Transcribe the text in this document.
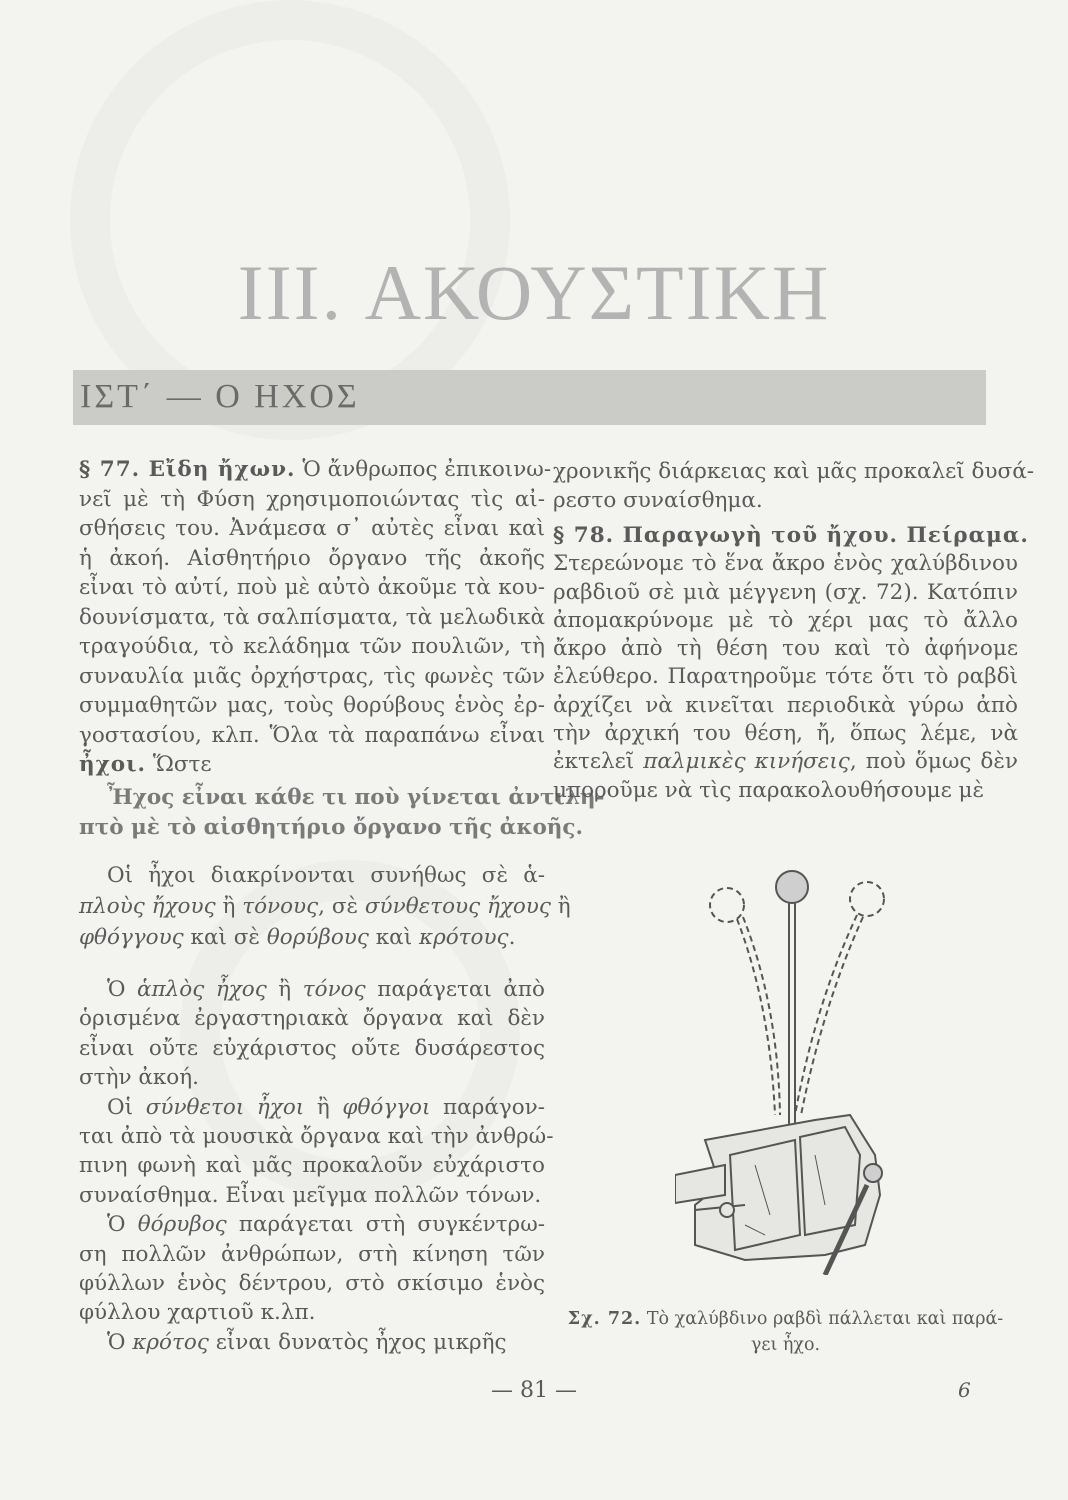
III. ΑΚΟΥΣΤΙΚΗ
ΙΣΤ΄ — Ο ΗΧΟΣ
§ 77. Εἴδη ἤχων. Ὁ ἄνθρωπος ἐπικοινω-
νεῖ μὲ τὴ Φύση χρησιμοποιώντας τὶς αἰ-
σθήσεις του. Ἀνάμεσα σ᾽ αὐτὲς εἶναι καὶ
ἡ ἀκοή. Αἰσθητήριο ὄργανο τῆς ἀκοῆς
εἶναι τὸ αὐτί, ποὺ μὲ αὐτὸ ἀκοῦμε τὰ κου-
δουνίσματα, τὰ σαλπίσματα, τὰ μελωδικὰ
τραγούδια, τὸ κελάδημα τῶν πουλιῶν, τὴ
συναυλία μιᾶς ὀρχήστρας, τὶς φωνὲς τῶν
συμμαθητῶν μας, τοὺς θορύβους ἑνὸς ἐρ-
γοστασίου, κλπ. Ὅλα τὰ παραπάνω εἶναι
ἦχοι. Ὥστε
Ἦχος εἶναι κάθε τι ποὺ γίνεται ἀντιλη-
πτὸ μὲ τὸ αἰσθητήριο ὄργανο τῆς ἀκοῆς.
Οἱ ἦχοι διακρίνονται συνήθως σὲ ἁ-
πλοὺς ἤχους ἢ τόνους, σὲ σύνθετους ἤχους ἢ
φθόγγους καὶ σὲ θορύβους καὶ κρότους.
Ὁ ἁπλὸς ἦχος ἢ τόνος παράγεται ἀπὸ
ὁρισμένα ἐργαστηριακὰ ὄργανα καὶ δὲν
εἶναι οὔτε εὐχάριστος οὔτε δυσάρεστος
στὴν ἀκοή.
Οἱ σύνθετοι ἦχοι ἢ φθόγγοι παράγον-
ται ἀπὸ τὰ μουσικὰ ὄργανα καὶ τὴν ἀνθρώ-
πινη φωνὴ καὶ μᾶς προκαλοῦν εὐχάριστο
συναίσθημα. Εἶναι μεῖγμα πολλῶν τόνων.
Ὁ θόρυβος παράγεται στὴ συγκέντρω-
ση πολλῶν ἀνθρώπων, στὴ κίνηση τῶν
φύλλων ἑνὸς δέντρου, στὸ σκίσιμο ἑνὸς
φύλλου χαρτιοῦ κ.λπ.
Ὁ κρότος εἶναι δυνατὸς ἦχος μικρῆς
χρονικῆς διάρκειας καὶ μᾶς προκαλεῖ δυσά-
ρεστο συναίσθημα.
§ 78. Παραγωγὴ τοῦ ἤχου. Πείραμα.
Στερεώνομε τὸ ἕνα ἄκρο ἑνὸς χαλύβδινου
ραβδιοῦ σὲ μιὰ μέγγενη (σχ. 72). Κατόπιν
ἀπομακρύνομε μὲ τὸ χέρι μας τὸ ἄλλο
ἄκρο ἀπὸ τὴ θέση του καὶ τὸ ἀφήνομε
ἐλεύθερο. Παρατηροῦμε τότε ὅτι τὸ ραβδὶ
ἀρχίζει νὰ κινεῖται περιοδικὰ γύρω ἀπὸ
τὴν ἀρχική του θέση, ἤ, ὅπως λέμε, νὰ
ἐκτελεῖ παλμικὲς κινήσεις, ποὺ ὅμως δὲν
μποροῦμε νὰ τὶς παρακολουθήσουμε μὲ
Σχ. 72. Τὸ χαλύβδινο ραβδὶ πάλλεται καὶ παρά-
γει ἦχο.
— 81 —	6
